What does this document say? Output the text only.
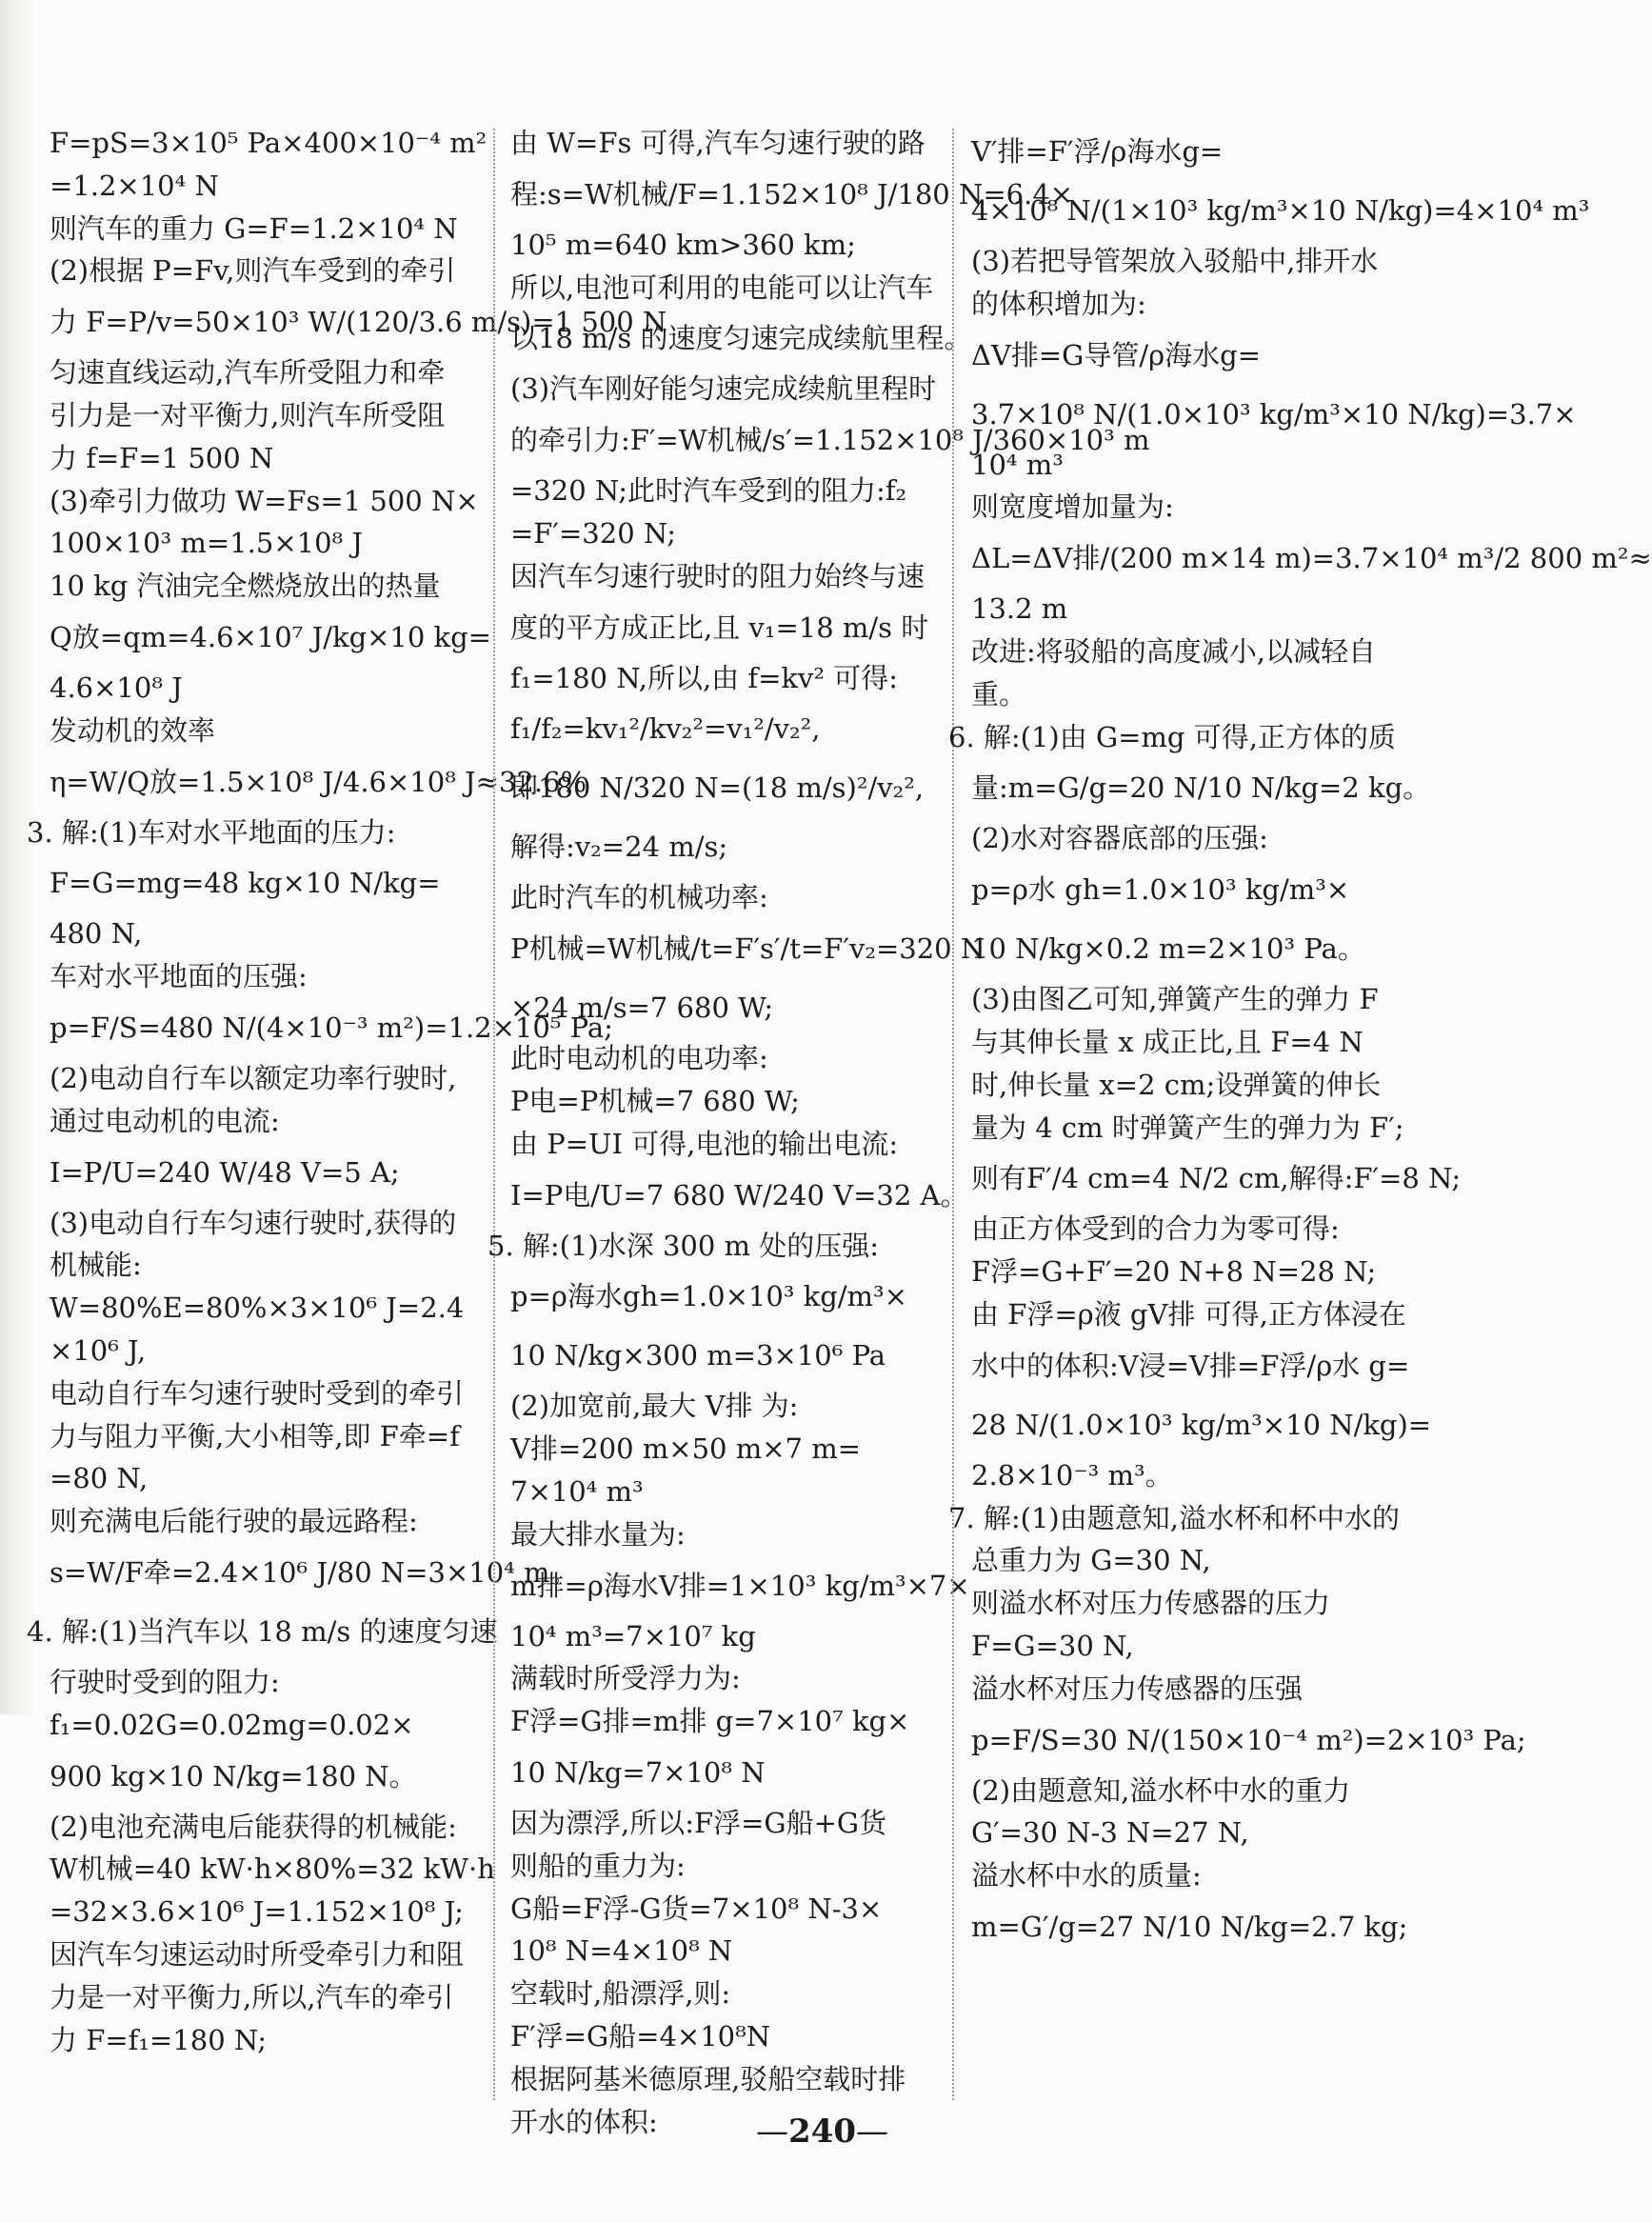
F=pS=3×10⁵ Pa×400×10⁻⁴ m²
=1.2×10⁴ N
则汽车的重力 G=F=1.2×10⁴ N
(2)根据 P=Fv,则汽车受到的牵引
力 F=P/v=50×10³ W/(120/3.6 m/s)=1 500 N
匀速直线运动,汽车所受阻力和牵
引力是一对平衡力,则汽车所受阻
力 f=F=1 500 N
(3)牵引力做功 W=Fs=1 500 N×
100×10³ m=1.5×10⁸ J
10 kg 汽油完全燃烧放出的热量
Q放=qm=4.6×10⁷ J/kg×10 kg=
4.6×10⁸ J
发动机的效率
η=W/Q放=1.5×10⁸ J/4.6×10⁸ J≈32.6%
3. 解:(1)车对水平地面的压力:
F=G=mg=48 kg×10 N/kg=
480 N,
车对水平地面的压强:
p=F/S=480 N/(4×10⁻³ m²)=1.2×10⁵ Pa;
(2)电动自行车以额定功率行驶时,
通过电动机的电流:
I=P/U=240 W/48 V=5 A;
(3)电动自行车匀速行驶时,获得的
机械能:
W=80%E=80%×3×10⁶ J=2.4
×10⁶ J,
电动自行车匀速行驶时受到的牵引
力与阻力平衡,大小相等,即 F牵=f
=80 N,
则充满电后能行驶的最远路程:
s=W/F牵=2.4×10⁶ J/80 N=3×10⁴ m。
4. 解:(1)当汽车以 18 m/s 的速度匀速
行驶时受到的阻力:
f₁=0.02G=0.02mg=0.02×
900 kg×10 N/kg=180 N。
(2)电池充满电后能获得的机械能:
W机械=40 kW·h×80%=32 kW·h
=32×3.6×10⁶ J=1.152×10⁸ J;
因汽车匀速运动时所受牵引力和阻
力是一对平衡力,所以,汽车的牵引
力 F=f₁=180 N;
由 W=Fs 可得,汽车匀速行驶的路
程:s=W机械/F=1.152×10⁸ J/180 N=6.4×
10⁵ m=640 km>360 km;
所以,电池可利用的电能可以让汽车
以18 m/s 的速度匀速完成续航里程。
(3)汽车刚好能匀速完成续航里程时
的牵引力:F′=W机械/s′=1.152×10⁸ J/360×10³ m
=320 N;此时汽车受到的阻力:f₂
=F′=320 N;
因汽车匀速行驶时的阻力始终与速
度的平方成正比,且 v₁=18 m/s 时
f₁=180 N,所以,由 f=kv² 可得:
f₁/f₂=kv₁²/kv₂²=v₁²/v₂²,
即180 N/320 N=(18 m/s)²/v₂²,
解得:v₂=24 m/s;
此时汽车的机械功率:
P机械=W机械/t=F′s′/t=F′v₂=320 N
×24 m/s=7 680 W;
此时电动机的电功率:
P电=P机械=7 680 W;
由 P=UI 可得,电池的输出电流:
I=P电/U=7 680 W/240 V=32 A。
5. 解:(1)水深 300 m 处的压强:
p=ρ海水gh=1.0×10³ kg/m³×
10 N/kg×300 m=3×10⁶ Pa
(2)加宽前,最大 V排 为:
V排=200 m×50 m×7 m=
7×10⁴ m³
最大排水量为:
m排=ρ海水V排=1×10³ kg/m³×7×
10⁴ m³=7×10⁷ kg
满载时所受浮力为:
F浮=G排=m排 g=7×10⁷ kg×
10 N/kg=7×10⁸ N
因为漂浮,所以:F浮=G船+G货
则船的重力为:
G船=F浮-G货=7×10⁸ N-3×
10⁸ N=4×10⁸ N
空载时,船漂浮,则:
F′浮=G船=4×10⁸N
根据阿基米德原理,驳船空载时排
开水的体积:
V′排=F′浮/ρ海水g=
4×10⁸ N/(1×10³ kg/m³×10 N/kg)=4×10⁴ m³
(3)若把导管架放入驳船中,排开水
的体积增加为:
ΔV排=G导管/ρ海水g=
3.7×10⁸ N/(1.0×10³ kg/m³×10 N/kg)=3.7×
10⁴ m³
则宽度增加量为:
ΔL=ΔV排/(200 m×14 m)=3.7×10⁴ m³/2 800 m²≈
13.2 m
改进:将驳船的高度减小,以减轻自
重。
6. 解:(1)由 G=mg 可得,正方体的质
量:m=G/g=20 N/10 N/kg=2 kg。
(2)水对容器底部的压强:
p=ρ水 gh=1.0×10³ kg/m³×
10 N/kg×0.2 m=2×10³ Pa。
(3)由图乙可知,弹簧产生的弹力 F
与其伸长量 x 成正比,且 F=4 N
时,伸长量 x=2 cm;设弹簧的伸长
量为 4 cm 时弹簧产生的弹力为 F′;
则有F′/4 cm=4 N/2 cm,解得:F′=8 N;
由正方体受到的合力为零可得:
F浮=G+F′=20 N+8 N=28 N;
由 F浮=ρ液 gV排 可得,正方体浸在
水中的体积:V浸=V排=F浮/ρ水 g=
28 N/(1.0×10³ kg/m³×10 N/kg)=
2.8×10⁻³ m³。
7. 解:(1)由题意知,溢水杯和杯中水的
总重力为 G=30 N,
则溢水杯对压力传感器的压力
F=G=30 N,
溢水杯对压力传感器的压强
p=F/S=30 N/(150×10⁻⁴ m²)=2×10³ Pa;
(2)由题意知,溢水杯中水的重力
G′=30 N-3 N=27 N,
溢水杯中水的质量:
m=G′/g=27 N/10 N/kg=2.7 kg;
—240—
